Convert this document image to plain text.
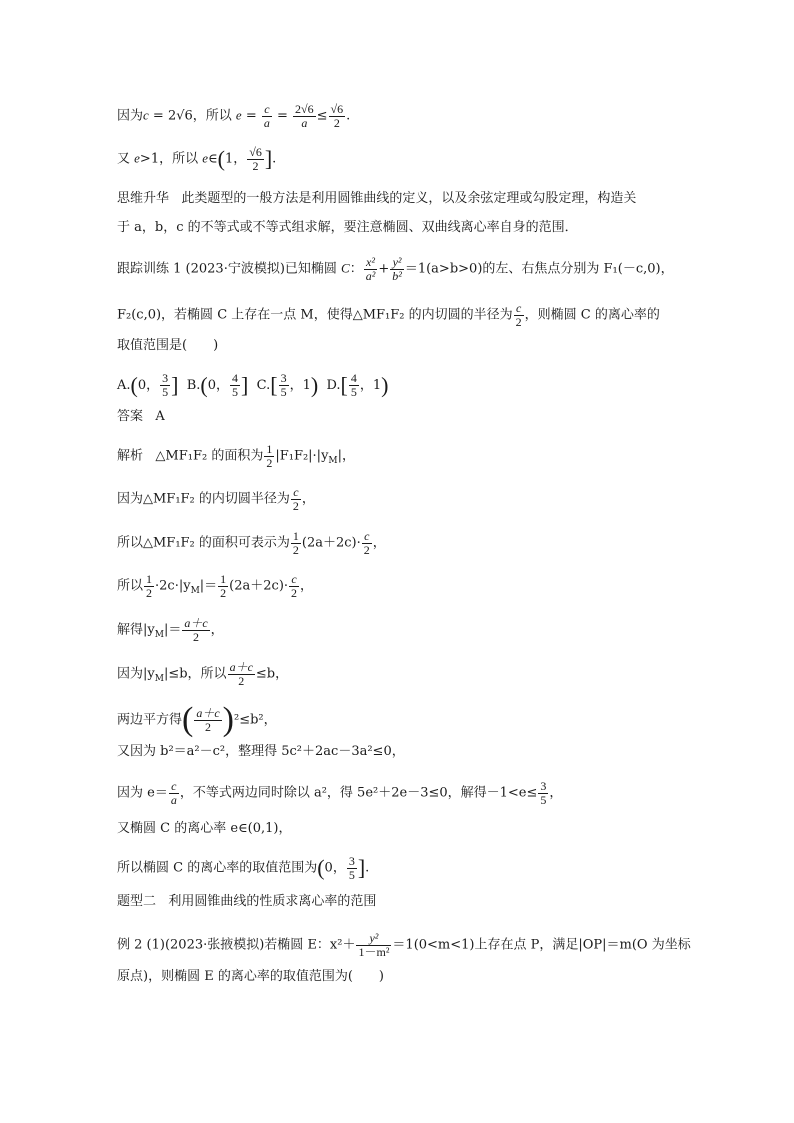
因为c = 2√6，所以 $e = \frac{c}{a} = \frac{2√6}{a} \le \frac{√6}{2}$ .
又 e>1，所以 e∈(1， $\frac{√6}{2}$ ].
思维升华 此类题型的一般方法是利用圆锥曲线的定义，以及余弦定理或勾股定理，构造关
于 a，b，c 的不等式或不等式组求解，要注意椭圆、双曲线离心率自身的范围．
跟踪训练 1 (2023·宁波模拟)已知椭圆 C： $\frac{\text{x²}}{\text{a²}} + \frac{\text{y²}}{\text{b²}} =1(a>b>0)$的左、右焦点分别为 F₁(－c,0)，
F₂(c,0)，若椭圆 C 上存在一点 M，使得△MF₁F₂ 的内切圆的半径为 $\frac{c}{2}$ ，则椭圆 C 的离心率的
取值范围是(　　)
A.(0， $\frac{3}{5}$ ] B.(0， $\frac{4}{5}$ ] $C.[ \frac{3}{5}$ ，1) $D.[ \frac{4}{5}$ ，1)
答案 A
解析 △MF₁F₂ 的面积为 $\frac{1}{2} |F_1F_2|\cdot|y_M|$，
因为△MF₁F₂ 的内切圆半径为 $\frac{c}{2}$ ，
所以△MF₁F₂ 的面积可表示为 $\frac{1}{2} (2a+2c)\cdot \frac{c}{2}$ ，
所以 $\frac{1}{2} \cdot 2c\cdot|y_M|= \frac{1}{2} (2a+2c)\cdot \frac{c}{2}$ ，
解得$|y_M|= \frac{a+c}{2}$ ，
因为$|y_M|\le b$，所以 $\frac{a+c}{2} \le b$，
两边平方得( $\frac{a+c}{2} )^2\le b^2$，
又因为 b²＝a²－c²，整理得 5c²＋2ac－3a²≤0，
因为 $e= \frac{c}{a}$ ，不等式两边同时除以 a²，得 5e²＋2e－3≤0，解得$-1<e\le \frac{3}{5}$ ，
又椭圆 C 的离心率 e∈(0,1)，
所以椭圆 C 的离心率的取值范围为(0， $\frac{3}{5}$ ].
题型二 利用圆锥曲线的性质求离心率的范围
例 2 (1)(2023·张掖模拟)若椭圆 E：$x^2+ \frac{\text{y²}}{\text{1－m²}} =1(0<m<1)$上存在点 P，满足|OP|＝m(O 为坐标
原点)，则椭圆 E 的离心率的取值范围为(　　)
